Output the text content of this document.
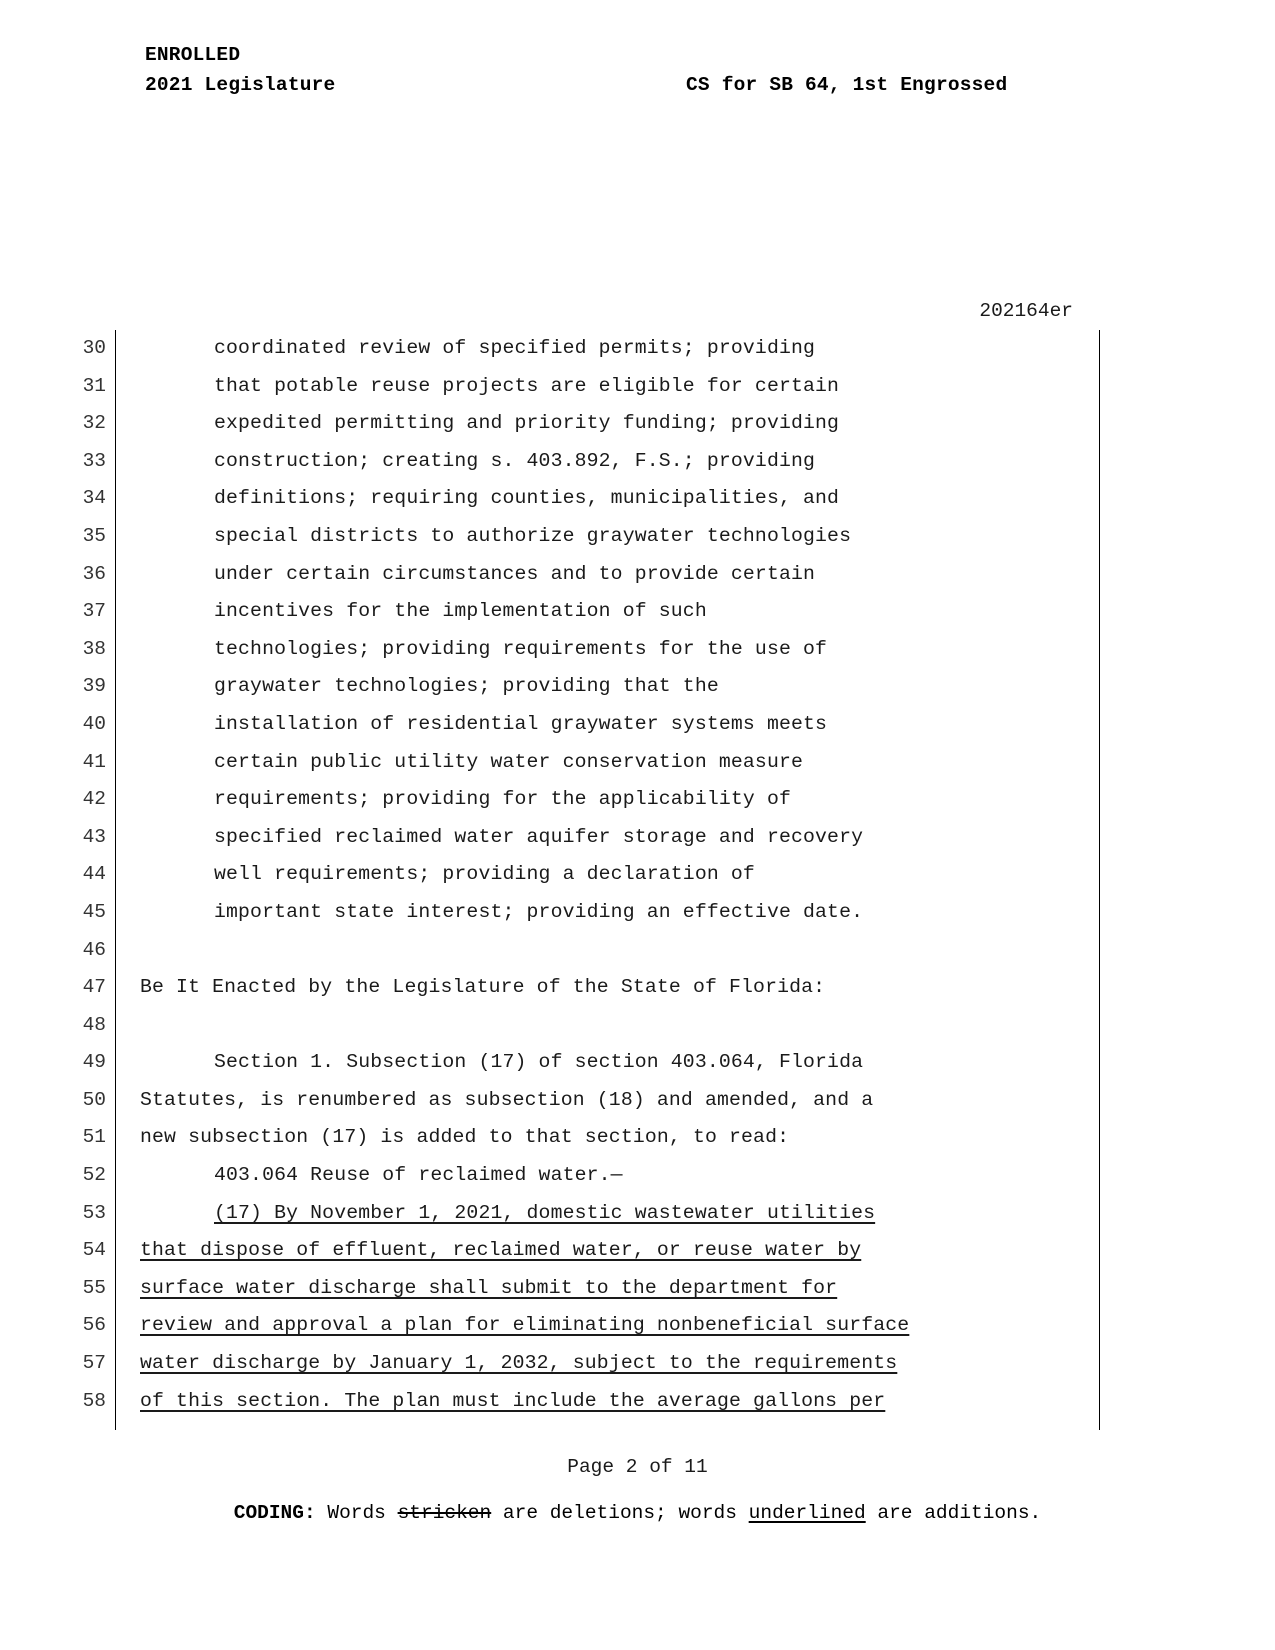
ENROLLED
2021 Legislature	CS for SB 64, 1st Engrossed
202164er
30	coordinated review of specified permits; providing
31	that potable reuse projects are eligible for certain
32	expedited permitting and priority funding; providing
33	construction; creating s. 403.892, F.S.; providing
34	definitions; requiring counties, municipalities, and
35	special districts to authorize graywater technologies
36	under certain circumstances and to provide certain
37	incentives for the implementation of such
38	technologies; providing requirements for the use of
39	graywater technologies; providing that the
40	installation of residential graywater systems meets
41	certain public utility water conservation measure
42	requirements; providing for the applicability of
43	specified reclaimed water aquifer storage and recovery
44	well requirements; providing a declaration of
45	important state interest; providing an effective date.
46
47 Be It Enacted by the Legislature of the State of Florida:
48
49	Section 1. Subsection (17) of section 403.064, Florida
50 Statutes, is renumbered as subsection (18) and amended, and a
51 new subsection (17) is added to that section, to read:
52	403.064 Reuse of reclaimed water.—
53	(17) By November 1, 2021, domestic wastewater utilities
54 that dispose of effluent, reclaimed water, or reuse water by
55 surface water discharge shall submit to the department for
56 review and approval a plan for eliminating nonbeneficial surface
57 water discharge by January 1, 2032, subject to the requirements
58 of this section. The plan must include the average gallons per
Page 2 of 11
CODING: Words stricken are deletions; words underlined are additions.
